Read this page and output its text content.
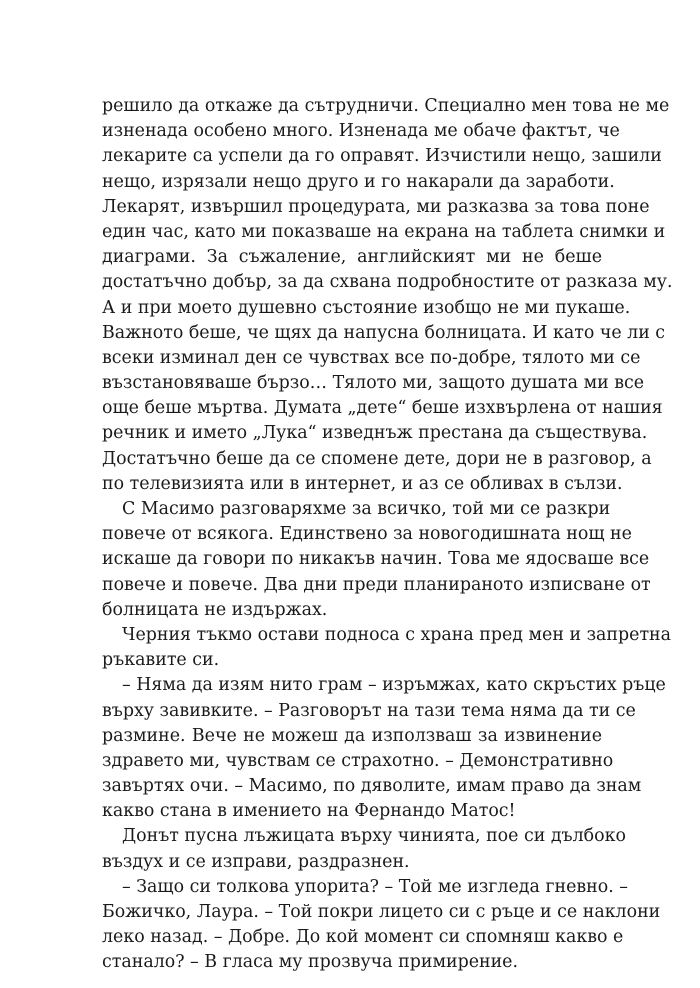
решило да откаже да сътрудничи. Специално мен това не ме
изненада особено много. Изненада ме обаче фактът, че
лекарите са успели да го оправят. Изчистили нещо, зашили
нещо, изрязали нещо друго и го накарали да заработи.
Лекарят, извършил процедурата, ми разказва за това поне
един час, като ми показваше на екрана на таблета снимки и
диаграми. За съжаление, английският ми не беше
достатъчно добър, за да схвана подробностите от разказа му.
А и при моето душевно състояние изобщо не ми пукаше.
Важното беше, че щях да напусна болницата. И като че ли с
всеки изминал ден се чувствах все по-добре, тялото ми се
възстановяваше бързо… Тялото ми, защото душата ми все
още беше мъртва. Думата „дете“ беше изхвърлена от нашия
речник и името „Лука“ изведнъж престана да съществува.
Достатъчно беше да се спомене дете, дори не в разговор, а
по телевизията или в интернет, и аз се обливах в сълзи.
С Масимо разговаряхме за всичко, той ми се разкри
повече от всякога. Единствено за новогодишната нощ не
искаше да говори по никакъв начин. Това ме ядосваше все
повече и повече. Два дни преди планираното изписване от
болницата не издържах.
Черния тъкмо остави подноса с храна пред мен и запретна
ръкавите си.
– Няма да изям нито грам – изръмжах, като скръстих ръце
върху завивките. – Разговорът на тази тема няма да ти се
размине. Вече не можеш да използваш за извинение
здравето ми, чувствам се страхотно. – Демонстративно
завъртях очи. – Масимо, по дяволите, имам право да знам
какво стана в имението на Фернандо Матос!
Донът пусна лъжицата върху чинията, пое си дълбоко
въздух и се изправи, раздразнен.
– Защо си толкова упорита? – Той ме изгледа гневно. –
Божичко, Лаура. – Той покри лицето си с ръце и се наклони
леко назад. – Добре. До кой момент си спомняш какво е
станало? – В гласа му прозвуча примирение.
